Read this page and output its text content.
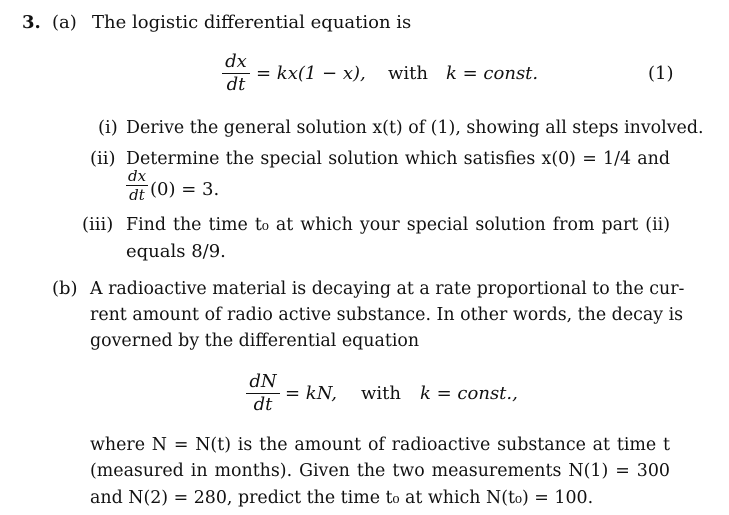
3. (a) The logistic differential equation is
dx
dt
= kx(1 − x), with k = const.	(1)
(i) Derive the general solution x(t) of (1), showing all steps involved.
(ii) Determine the special solution which satisfies x(0) = 1/4 and
dx
dt (0) = 3.
(iii) Find the time t₀ at which your special solution from part (ii)
equals 8/9.
(b) A radioactive material is decaying at a rate proportional to the cur-
rent amount of radio active substance. In other words, the decay is
governed by the differential equation
dN
dt
= kN, with k = const.,
where N = N(t) is the amount of radioactive substance at time t
(measured in months). Given the two measurements N(1) = 300
and N(2) = 280, predict the time t₀ at which N(t₀) = 100.
